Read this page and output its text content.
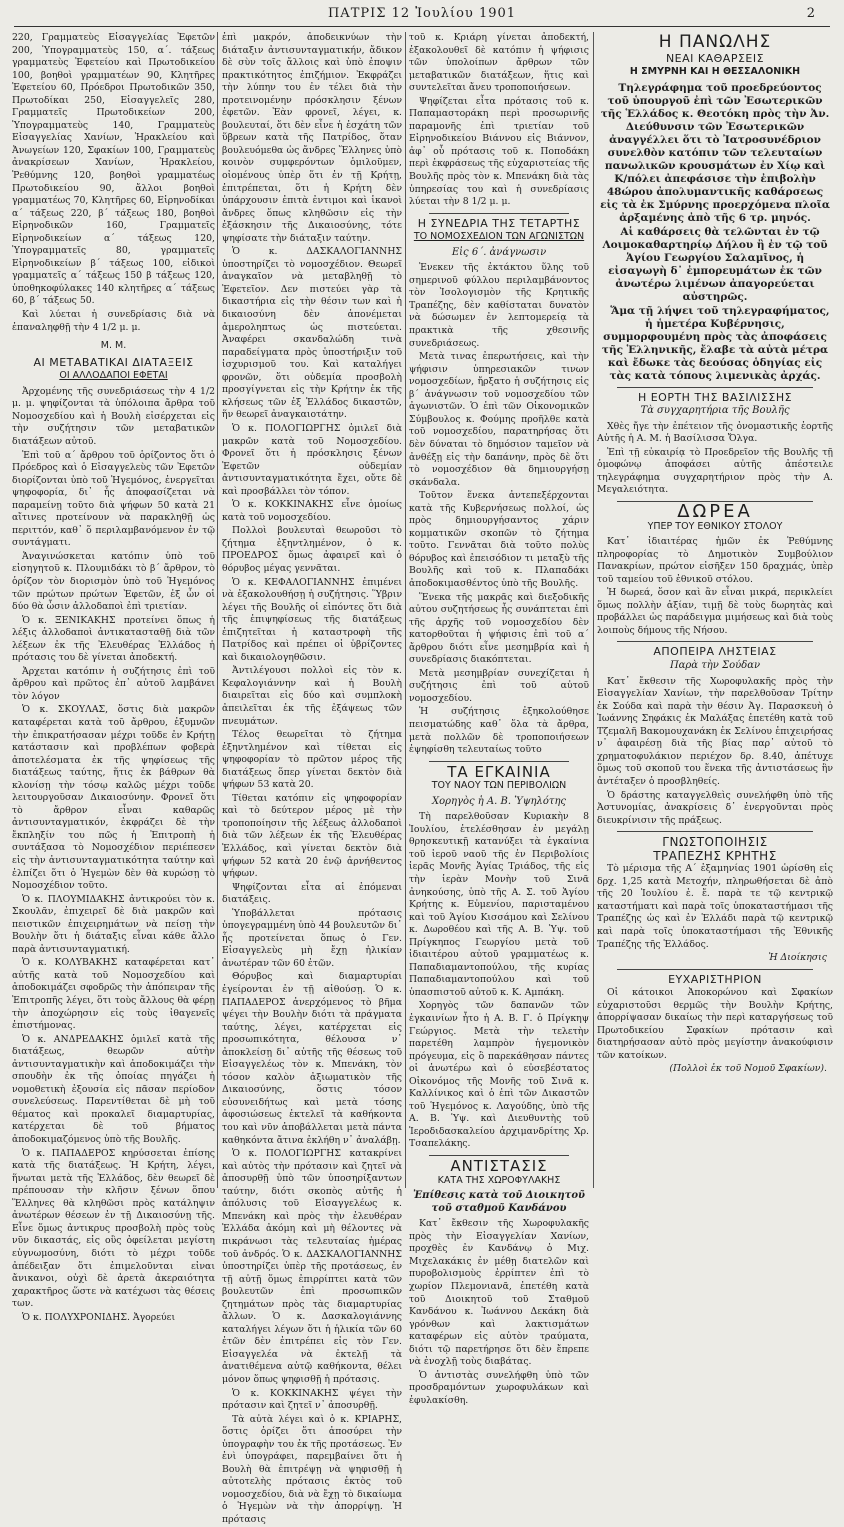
ΠΑΤΡΙΣ 12 Ἰουλίου 1901	2

220, Γραμματεὺς Εἰσαγγελίας Ἐφετῶν 200, Ὑπογραμματεὺς 150, α΄. τάξεως γραμματεὺς Ἐφετείου καὶ Πρωτοδικείου 100, βοηθοὶ γραμματέων 90, Κλητῆρες Ἐφετείου 60, Πρόεδροι Πρωτοδικῶν 350, Πρωτοδίκαι 250, Εἰσαγγελεῖς 280, Γραμματεῖς Πρωτοδικείων 200, Ὑπογραμματεὺς 140, Γραμματεὺς Εἰσαγγελίας Χανίων, Ἡρακλείου καὶ Ἀνωγείων 120, Σφακίων 100, Γραμματεὺς ἀνακρίσεων Χανίων, Ἡρακλείου, Ῥεθύμνης 120, βοηθοὶ γραμματέως Πρωτοδικείου 90, ἄλλοι βοηθοὶ γραμματέως 70, Κλητῆρες 60, Εἰρηνοδίκαι α΄ τάξεως 220, β΄ τάξεως 180, βοηθοὶ Εἰρηνοδικῶν 160, Γραμματεῖς Εἰρηνοδικείων α΄ τάξεως 120, Ὑπογραμματεῖς 80, γραμματεῖς Εἰρηνοδικείων β΄ τάξεως 100, εἰδικοὶ γραμματεῖς α΄ τάξεως 150 β τάξεως 120, ὑποθηκοφύλακες 140 κλητῆρες α΄ τάξεως 60, β΄ τάξεως 50.

Καὶ λύεται ἡ συνεδρίασις διὰ νὰ ἐπαναληφθῇ τὴν 4 1/2 μ. μ.

Μ. Μ.
ΑΙ ΜΕΤΑΒΑΤΙΚΑΙ ΔΙΑΤΑΞΕΙΣ
ΟΙ ΑΛΛΟΔΑΠΟΙ ΕΦΕΤΑΙ

Ἀρχομένης τῆς συνεδριάσεως τὴν 4 1/2 μ. μ. ψηφίζονται τὰ ὑπόλοιπα ἄρθρα τοῦ Νομοσχεδίου καὶ ἡ Βουλὴ εἰσέρχεται εἰς τὴν συζήτησιν τῶν μεταβατικῶν διατάξεων αὐτοῦ.

Ἐπὶ τοῦ α΄ ἄρθρου τοῦ ὁρίζοντος ὅτι ὁ Πρόεδρος καὶ ὁ Εἰσαγγελεὺς τῶν Ἐφετῶν διορίζονται ὑπὸ τοῦ Ἡγεμόνος, ἐνεργεῖται ψηφοφορία, δι᾽ ἧς ἀποφασίζεται νὰ παραμείνῃ τοῦτο διὰ ψήφων 50 κατὰ 21 αἴτινες προτείνουν νὰ παρακληθῇ ὡς περιττόν, καθ᾽ ὅ περιλαμβανόμενον ἐν τῷ συντάγματι.

Ἀναγινώσκεται κατόπιν ὑπὸ τοῦ εἰσηγητοῦ κ. Πλουμιδάκι τὸ β΄ ἄρθρον, τὸ ὁρίζον τὸν διορισμὸν ὑπὸ τοῦ Ἡγεμόνος τῶν πρώτων πρώτων Ἐφετῶν, ἐξ ὧν οἱ δύο θὰ ὦσιν ἀλλοδαποὶ ἐπὶ τριετίαν.

Ὁ κ. ΞΕΝΙΚΑΚΗΣ προτείνει ὅπως ἡ λέξις ἀλλοδαποὶ ἀντικατασταθῇ διὰ τῶν λέξεων ἐκ τῆς Ἐλευθέρας Ἑλλάδος ἡ πρότασις του δὲ γίνεται ἀποδεκτή.

Ἀρχεται κατόπιν ἡ συζήτησις ἐπὶ τοῦ ἄρθρου καὶ πρῶτος ἐπ᾽ αὐτοῦ λαμβάνει τὸν λόγον

Ὁ κ. ΣΚΟΥΛΑΣ, ὅστις διὰ μακρῶν καταφέρεται κατὰ τοῦ ἄρθρου, ἐξυμνῶν τὴν ἐπικρατήσασαν μέχρι τοῦδε ἐν Κρήτῃ κατάστασιν καὶ προβλέπων φοβερὰ ἀποτελέσματα ἐκ τῆς ψηφίσεως τῆς διατάξεως ταύτης, ἥτις ἐκ βάθρων θὰ κλονίσῃ τὴν τόσῳ καλῶς μέχρι τοῦδε λειτουργοῦσαν Δικαιοσύνην. Φρονεῖ ὅτι τὸ ἄρθρον εἶναι καθαρῶς ἀντισυνταγματικόν, ἐκφράζει δὲ τὴν ἔκπληξίν του πῶς ἡ Ἐπιτροπὴ ἡ συντάξασα τὸ Νομοσχέδιον περιέπεσεν εἰς τὴν ἀντισυνταγματικότητα ταύτην καὶ ἐλπίζει ὅτι ὁ Ἡγεμὼν δὲν θὰ κυρώσῃ τὸ Νομοσχέδιον τοῦτο.

Ὁ κ. ΠΛΟΥΜΙΔΑΚΗΣ ἀντικρούει τὸν κ. Σκουλᾶν, ἐπιχειρεῖ δὲ διὰ μακρῶν καὶ πειστικῶν ἐπιχειρημάτων νὰ πείσῃ τὴν Βουλὴν ὅτι ἡ διάταξις εἶναι κάθε ἄλλο παρὰ ἀντισυνταγματική.

Ὁ κ. ΚΟΛΥΒΑΚΗΣ καταφέρεται κατ᾽ αὐτῆς κατὰ τοῦ Νομοσχεδίου καὶ ἀποδοκιμάζει σφοδρῶς τὴν ἀπόπειραν τῆς Ἐπιτροπῆς λέγει, ὅτι τοὺς ἄλλους θὰ φέρῃ τὴν ἀποχώρησιν εἰς τοὺς ἰθαγενεῖς ἐπιστήμονας.

Ὁ κ. ΑΝΔΡΕΔΑΚΗΣ ὁμιλεῖ κατὰ τῆς διατάξεως, θεωρῶν αὐτὴν ἀντισυνταγματικὴν καὶ ἀποδοκιμάζει τὴν σπουδὴν ἐκ τῆς ὁποίας πηγάζει ἡ νομοθετικὴ ἐξουσία εἰς πᾶσαν περίοδον συνελεύσεως. Παρεντίθεται δὲ μὴ τοῦ θέματος καὶ προκαλεῖ διαμαρτυρίας, κατέρχεται δὲ τοῦ βήματος ἀποδοκιμαζόμενος ὑπὸ τῆς Βουλῆς.

Ὁ κ. ΠΑΠΑΔΕΡΟΣ κηρύσσεται ἐπίσης κατὰ τῆς διατάξεως. Ἡ Κρήτη, λέγει, ἥνωται μετὰ τῆς Ἑλλάδος, δὲν θεωρεῖ δὲ πρέπουσαν τὴν κλῆσιν ξένων ὅπου Ἕλληνες θὰ κληθῶσι πρὸς κατάληψιν ἀνωτέρων θέσεων ἐν τῇ Δικαιοσύνῃ τῆς. Εἶνε ὅμως ἀντικρυς προσβολὴ πρὸς τοὺς νῦν δικαστάς, εἰς οὓς ὀφείλεται μεγίστη εὐγνωμοσύνη, διότι τὸ μέχρι τοῦδε ἀπέδειξαν ὅτι ἐπιμελοῦνται εἰναι ἄνικανοι, οὐχὶ δὲ ἀρετὰ ἀκεραιότητα χαρακτῆρος ὥστε νὰ κατέχωσι τὰς θέσεις των.

Ὁ κ. ΠΟΛΥΧΡΟΝΙΔΗΣ. Ἀγορεύει

ἐπὶ μακρόν, ἀποδεικνύων τὴν διάταξιν ἀντισυνταγματικήν, ἄδικον δὲ σὺν τοῖς ἄλλοις καὶ ὑπὸ ἐποψιν πρακτικότητος ἐπιζήμιον. Ἐκφράζει τὴν λύπην του ἐν τέλει διὰ τὴν προτεινομένην πρόσκλησιν ξένων ἐφετῶν. Ἐὰν φρονεῖ, λέγει, κ. βουλευταί, ὅτι δὲν εἶνε ἡ ἐσχάτη τῶν ὕβρεων κατὰ τῆς Πατρίδος, ὅταν βουλευόμεθα ὡς ἄνδρες Ἕλληνες ὑπὸ κοινὸν συμφερόντων ὁμιλοῦμεν, οἰομένους ὑπὲρ ὅτι ἐν τῇ Κρήτῃ, ἐπιτρέπεται, ὅτι ἡ Κρήτη δὲν ὑπάρχουσιν ἐπιτὰ ἐντιμοι καὶ ἱκανοὶ ἄνδρες ὅπως κληθῶσιν εἰς τὴν ἐξάσκησιν τῆς Δικαιοσύνης, τότε ψηφίσατε τὴν διάταξιν ταύτην.

Ὁ κ. ΔΑΣΚΑΛΟΓΙΑΝΝΗΣ ὑποστηρίζει τὸ νομοσχέδιον. Θεωρεῖ ἀναγκαῖον νὰ μεταβληθῇ τὸ Ἐφετεῖον. Δεν πιστεύει γὰρ τὰ δικαστήρια εἰς τὴν θέσιν των καὶ ἡ δικαιοσύνη δὲν ἀπονέμεται ἀμεροληπτως ὡς πιστεύεται. Ἀναφέρει σκανδαλώδη τινὰ παραδείγματα πρὸς ὑποστήριξιν τοῦ ἰσχυρισμοῦ του. Καὶ καταλήγει φρονῶν, ὅτι οὐδεμία προσβολὴ προσγίγνεται εἰς τὴν Κρήτην ἐκ τῆς κλήσεως τῶν ἐξ Ἑλλάδος δικαστῶν, ἥν θεωρεῖ ἀναγκαιοτάτην.

Ὁ κ. ΠΟΛΟΓΙΩΡΓΗΣ ὁμιλεῖ διὰ μακρῶν κατὰ τοῦ Νομοσχεδίου. Φρονεῖ ὅτι ἡ πρόσκλησις ξένων Ἐφετῶν οὐδεμίαν ἀντισυνταγματικότητα ἔχει, οὔτε δὲ καὶ προσβάλλει τὸν τόπον.

Ὁ κ. ΚΟΚΚΙΝΑΚΗΣ εἶνε ὁμοίως κατὰ τοῦ νομοσχεδίου.

Πολλοὶ βουλευταὶ θεωροῦσι τὸ ζήτημα ἐξηντλημένον, ὁ κ. ΠΡΟΕΔΡΟΣ ὅμως ἀφαιρεῖ καὶ ὁ θόρυβος μέγας γεννᾶται.

Ὁ κ. ΚΕΦΑΛΟΓΙΑΝΝΗΣ ἐπιμένει νὰ ἐξακολουθήσῃ ἡ συζήτησις. Ὕβριν λέγει τῆς Βουλῆς οἱ εἰπόντες ὅτι διὰ τῆς ἐπιψηφίσεως τῆς διατάξεως ἐπιζητεῖται ἡ καταστροφὴ τῆς Πατρίδος καὶ πρέπει οἱ ὑβρίζοντες καὶ δικαιολογηθῶσιν.

Ἀντιλέγουσι πολλοὶ εἰς τὸν κ. Κεφαλογιάννην καὶ ἡ Βουλὴ διαιρεῖται εἰς δύο καὶ συμπλοκὴ ἀπειλεῖται ἐκ τῆς ἐξάψεως τῶν πνευμάτων.

Τέλος θεωρεῖται τὸ ζήτημα ἐξηντλημένον καὶ τίθεται εἰς ψηφοφορίαν τὸ πρῶτον μέρος τῆς διατάξεως ὅπερ γίνεται δεκτὸν διὰ ψήφων 53 κατὰ 20.

Τίθεται κατόπιν εἰς ψηφοφορίαν καὶ τὸ δεύτερον μέρος μὲ τὴν τροποποίησιν τῆς λέξεως ἀλλοδαποὶ διὰ τῶν λέξεων ἐκ τῆς Ἐλευθέρας Ἑλλάδος, καὶ γίνεται δεκτὸν διὰ ψήφων 52 κατὰ 20 ἐνῷ ἀρνήθεντος ψήφων.

Ψηφίζονται εἶτα αἱ ἑπόμεναι διατάξεις.

Ὑποβάλλεται πρότασις ὑπογεγραμμένη ὑπὸ 44 βουλευτῶν δι᾽ ἧς προτείνεται ὅπως ὁ Γεν. Εἰσαγγελεὺς μὴ ἔχῃ ἡλικίαν ἀνωτέραν τῶν 60 ἐτῶν.

Θόρυβος καὶ διαμαρτυρίαι ἐγείρονται ἐν τῇ αἰθούσῃ. Ὁ κ. ΠΑΠΑΔΕΡΟΣ ἀνερχόμενος τὸ βῆμα ψέγει τὴν Βουλὴν διότι τὰ πράγματα ταύτης, λέγει, κατέρχεται εἰς προσωπικότητα, θέλουσα ν᾽ ἀποκλείσῃ δι᾽ αὐτῆς τῆς θέσεως τοῦ Εἰσαγγελέως τὸν κ. Μπενάκη, τὸν τόσον καλὸν ἀξιωματικὸν τῆς Δικαιοσύνης, ὅστις τόσον εὐσυνειδήτως καὶ μετὰ τόσης ἀφοσιώσεως ἐκτελεῖ τὰ καθήκοντα του καὶ νῦν ἀποβάλλεται μετὰ πάντα καθηκόντα ἄτινα ἐκλήθη ν᾽ ἀναλάβῃ.

Ὁ κ. ΠΟΛΟΓΙΩΡΓΗΣ κατακρίνει καὶ αὐτὸς τὴν πρότασιν καὶ ζητεῖ νὰ ἀποσυρθῇ ὑπὸ τῶν ὑποσηρίξαντων ταύτην, διότι σκοπὸς αὐτῆς ἡ ἀπόλυσις τοῦ Εἰσαγγελέως κ. Μπενάκη καὶ πρὸς τὴν ἐλευθέραν Ἑλλάδα ἀκόμη καὶ μὴ θέλοντες νὰ πικράνωσι τὰς τελευταίας ἡμέρας τοῦ ἀνδρός. Ὁ κ. ΔΑΣΚΑΛΟΓΙΑΝΝΗΣ ὑποστηρίζει ὑπὲρ τῆς προτάσεως, ἐν τῇ αὐτῇ ὅμως ἐπιρρίπτει κατὰ τῶν βουλευτῶν ἐπὶ προσωπικῶν ζητημάτων πρὸς τὰς διαμαρτυρίας ἄλλων. Ὁ κ. Δασκαλογιάννης καταλήγει λέγων ὅτι ἡ ἡλικία τῶν 60 ἐτῶν δὲν ἐπιτρέπει εἰς τὸν Γεν. Εἰσαγγελέα νὰ ἐκτελῇ τὰ ἀνατιθέμενα αὐτῷ καθήκοντα, θέλει μόνον ὅπως ψηφισθῇ ἡ πρότασις.

Ὁ κ. ΚΟΚΚΙΝΑΚΗΣ ψέγει τὴν πρότασιν καὶ ζητεῖ ν᾽ ἀποσυρθῇ.

Τὰ αὐτὰ λέγει καὶ ὁ κ. ΚΡΙΑΡΗΣ, ὅστις ὁρίζει ὅτι ἀποσύρει τὴν ὑπογραφὴν του ἐκ τῆς προτάσεως. Ἐν ἑνὶ ὑπογράφει, παρεμβαίνει ὅτι ἡ Βουλὴ θὰ ἐπιτρέψῃ νὰ ψηφισθῇ ἡ αὐτοτελὴς πρότασις ἐκτὸς τοῦ νομοσχεδίου, διὰ νὰ ἔχῃ τὸ δικαίωμα ὁ Ἡγεμὼν νὰ τὴν ἀπορρίψῃ. Ἡ πρότασις

τοῦ κ. Κριάρη γίνεται ἀποδεκτή, ἐξακολουθεῖ δὲ κατόπιν ἡ ψήφισις τῶν ὑπολοίπων ἄρθρων τῶν μεταβατικῶν διατάξεων, ἥτις καὶ συντελεῖται ἄνευ τροποποιήσεων.

Ψηφίζεται εἶτα πρότασις τοῦ κ. Παπαμαστοράκη περὶ προσωρινῆς παραμονῆς ἐπὶ τριετίαν τοῦ Εἰρηνοδικείου Βιάννου εἰς Βιάννον, ἀφ᾽ οὗ πρότασις τοῦ κ. Ποποδάκη περὶ ἐκφράσεως τῆς εὐχαριστείας τῆς Βουλῆς πρὸς τὸν κ. Μπενάκη διὰ τὰς ὑπηρεσίας του καὶ ἡ συνεδρίασις λύεται τὴν 8 1/2 μ. μ.

Η ΣΥΝΕΔΡΙΑ ΤΗΣ ΤΕΤΑΡΤΗΣ
ΤΟ ΝΟΜΟΣΧΕΔΙΟΝ ΤΩΝ ΑΓΩΝΙΣΤΩΝ
Εἰς 6΄. ἀνάγνωσιν

Ἐνεκεν τῆς ἐκτάκτου ὕλης τοῦ σημερινοῦ φύλλου περιλαμβάνοντος τὸν Ἰσολογισμὸν τῆς Κρητικῆς Τραπέζης, δὲν καθίσταται δυνατὸν νὰ δώσωμεν ἐν λεπτομερείᾳ τὰ πρακτικὰ τῆς χθεσινῆς συνεδριάσεως.

Μετὰ τινας ἐπερωτήσεις, καὶ τὴν ψήφισιν ὑπηρεσιακῶν τινων νομοσχεδίων, ἤρξατο ἡ συζήτησις εἰς β΄ ἀνάγνωσιν τοῦ νομοσχεδίου τῶν ἀγωνιστῶν. Ὁ ἐπὶ τῶν Οἰκονομικῶν Σύμβουλος κ. Φούμης προῆλθε κατὰ τοῦ νομοσχεδίου, παρατηρήσας ὅτι δὲν δύναται τὸ δημόσιον ταμεῖον νὰ ἀνθέξῃ εἰς τὴν δαπάνην, πρὸς δὲ ὅτι τὸ νομοσχέδιον θὰ δημιουργήσῃ σκάνδαλα.

Τοῦτον ἕνεκα ἀντεπεξέρχονται κατὰ τῆς Κυβερνήσεως πολλοί, ὡς πρὸς δημιουργήσαντος χάριν κομματικῶν σκοπῶν τὸ ζήτημα τοῦτο. Γεννᾶται διὰ τοῦτο πολὺς θόρυβος καὶ ἐπεισόδιον τι μεταξὺ τῆς Βουλῆς καὶ τοῦ κ. Πλαπαδάκι ἀποδοκιμασθέντος ὑπὸ τῆς Βουλῆς.

Ἕνεκα τῆς μακρᾶς καὶ διεξοδικῆς αὐτου συζητήσεως ἧς συνάπτεται ἐπὶ τῆς ἀρχῆς τοῦ νομοσχεδίου δὲν κατορθοῦται ἡ ψήφισις ἐπὶ τοῦ α΄ ἄρθρου διότι εἶνε μεσημβρία καὶ ἡ συνεδρίασις διακόπτεται.

Μετὰ μεσημβρίαν συνεχίζεται ἡ συζήτησις ἐπὶ τοῦ αὐτοῦ νομοσχεδίου.

Ἡ συζήτησις ἐξηκολούθησε πεισματώδης καθ᾽ ὅλα τὰ ἄρθρα, μετὰ πολλῶν δὲ τροποποιήσεων ἐψηφίσθη τελευταίως τοῦτο

ΤΑ ΕΓΚΑΙΝΙΑ
ΤΟΥ ΝΑΟΥ ΤΩΝ ΠΕΡΙΒΟΛΙΩΝ
Χορηγὸς ἡ Α. Β. Ὑψηλότης

Τὴ παρελθοῦσαν Κυριακὴν 8 Ἰουλίου, ἐτελέσθησαν ἐν μεγάλῃ θρησκευτικῇ κατανύξει τὰ ἐγκαίνια τοῦ ἱεροῦ ναοῦ τῆς ἐν Περιβολίοις ἱερᾶς Μονῆς Ἁγίας Τριάδος, τῆς εἰς τὴν ἱερὰν Μονὴν τοῦ Σινᾶ ἀνηκούσης, ὑπὸ τῆς Α. Σ. τοῦ Ἁγίου Κρήτης κ. Εὐμενίου, παρισταμένου καὶ τοῦ Ἁγίου Κισσάμου καὶ Σελίνου κ. Δωροθέου καὶ τῆς Α. Β. Ὑψ. τοῦ Πρίγκηπος Γεωργίου μετὰ τοῦ ἰδιαιτέρου αὐτοῦ γραμματέως κ. Παπαδιαμαντοπούλου, τῆς κυρίας Παπαδιαμαντοπούλου καὶ τοῦ ὑπασπιστοῦ αὐτοῦ κ. Κ. Αμπάκη.

Χορηγὸς τῶν δαπανῶν τῶν ἐγκαινίων ἦτο ἡ Α. Β. Γ. ὁ Πρίγκηψ Γεώργιος. Μετὰ τὴν τελετὴν παρετέθη λαμπρὸν ἡγεμονικὸν πρόγευμα, εἰς ὃ παρεκάθησαν πάντες οἱ ἀνωτέρω καὶ ὁ εὐσεβέστατος Οἰκονόμος τῆς Μονῆς τοῦ Σινᾶ κ. Καλλίνικος καὶ ὁ ἐπὶ τῶν Δικαστῶν τοῦ Ἡγεμόνος κ. Λαγούδης, ὑπὸ τῆς Α. Β. Ὑψ. καὶ Διευθυντὴς τοῦ Ἱεροδιδασκαλείου ἀρχιμανδρίτης Χρ. Τσαπελάκης.

ΑΝΤΙΣΤΑΣΙΣ
ΚΑΤΑ ΤΗΣ ΧΩΡΟΦΥΛΑΚΗΣ
Ἐπίθεσις κατὰ τοῦ Διοικητοῦ τοῦ σταθμοῦ Κανδάνου

Κατ᾽ ἔκθεσιν τῆς Χωροφυλακῆς πρὸς τὴν Εἰσαγγελίαν Χανίων, προχθὲς ἐν Κανδάνῳ ὁ Μιχ. Μιχελακάκις ἐν μέθῃ διατελῶν καὶ πυροβολισμοὺς ἐρρίπτεν ἐπὶ τὸ χωρίον Πλεμονιανᾶ, ἐπετέθη κατὰ τοῦ Διοικητοῦ τοῦ Σταθμοῦ Κανδάνου κ. Ἰωάννου Δεκάκη διὰ γρόνθων καὶ λακτισμάτων καταφέρων εἰς αὐτὸν τραύματα, διότι τῷ παρετήρησε ὅτι δὲν ἔπρεπε νὰ ἐνοχλῇ τοὺς διαβάτας.

Ὁ ἀντιστὰς συνελήφθη ὑπὸ τῶν προσδραμόντων χωροφυλάκων καὶ ἐφυλακίσθη.

Η ΠΑΝΩΛΗΣ
ΝΕΑΙ ΚΑΘΑΡΣΕΙΣ
Η ΣΜΥΡΝΗ ΚΑΙ Η ΘΕΣΣΑΛΟΝΙΚΗ

Τηλεγράφημα τοῦ προεδρεύοντος τοῦ ὑπουργοῦ ἐπὶ τῶν Ἐσωτερικῶν τῆς Ἑλλάδος κ. Θεοτόκη πρὸς τὴν Ἀν. Διεύθυνσιν τῶν Ἐσωτερικῶν ἀναγγέλλει ὅτι τὸ Ἰατροσυνέδριον συνελθὸν κατόπιν τῶν τελευταίων πανωλικῶν κρουσμάτων ἐν Χίῳ καὶ Κ/πόλει ἀπεφάσισε τὴν ἐπιβολὴν 48ώρου ἀπολυμαντικῆς καθάρσεως εἰς τὰ ἐκ Σμύρνης προερχόμενα πλοῖα ἀρξαμένης ἀπὸ τῆς 6 τρ. μηνός.

Αἱ καθάρσεις θὰ τελῶνται ἐν τῷ Λοιμοκαθαρτηρίῳ Δήλου ἢ ἐν τῷ τοῦ Ἁγίου Γεωργίου Σαλαμῖνος, ἡ εἰσαγωγὴ δ᾽ ἐμπορευμάτων ἐκ τῶν ἀνωτέρω λιμένων ἀπαγορεύεται αὐστηρῶς.

Ἅμα τῇ λήψει τοῦ τηλεγραφήματος, ἡ ἡμετέρα Κυβέρνησις, συμμορφουμένη πρὸς τὰς ἀποφάσεις τῆς Ἑλληνικῆς, ἔλαβε τὰ αὐτὰ μέτρα καὶ ἔδωκε τὰς δεούσας ὁδηγίας εἰς τὰς κατὰ τόπους λιμενικὰς ἀρχάς.

Η ΕΟΡΤΗ ΤΗΣ ΒΑΣΙΛΙΣΣΗΣ
Τὰ συγχαρητήρια τῆς Βουλῆς

Χθὲς ἤγε τὴν ἐπέτειον τῆς ὀνομαστικῆς ἑορτῆς Αὐτῆς ἡ Α. Μ. ἡ Βασίλισσα Ὄλγα.

Ἐπὶ τῇ εὐκαιρίᾳ τὸ Προεδρεῖον τῆς Βουλῆς τῇ ὁμοφώνῳ ἀποφάσει αὐτῆς ἀπέστειλε τηλεγράφημα συγχαρητήριον πρὸς τὴν Α. Μεγαλειότητα.

ΔΩΡΕΑ
ΥΠΕΡ ΤΟΥ ΕΘΝΙΚΟΥ ΣΤΟΛΟΥ

Κατ᾽ ἰδιαιτέρας ἡμῶν ἐκ Ῥεθύμνης πληροφορίας τὸ Δημοτικὸν Συμβούλιον Πανακρίων, πρώτον εἰσῆξεν 150 δραχμάς, ὑπὲρ τοῦ ταμείου τοῦ ἐθνικοῦ στόλου.

Ἡ δωρεά, ὅσον καὶ ἂν εἶναι μικρά, περικλείει ὅμως πολλὴν ἀξίαν, τιμῇ δὲ τοὺς δωρητὰς καὶ προβάλλει ὡς παράδειγμα μιμήσεως καὶ διὰ τοὺς λοιποὺς δήμους τῆς Νήσου.

ΑΠΟΠΕΙΡΑ ΛΗΣΤΕΙΑΣ
Παρὰ τὴν Σούδαν

Κατ᾽ ἔκθεσιν τῆς Χωροφυλακῆς πρὸς τὴν Εἰσαγγελίαν Χανίων, τὴν παρελθοῦσαν Τρίτην ἐκ Σούδα καὶ παρὰ τὴν θέσιν Ἀγ. Παρασκευὴ ὁ Ἰωάννης Σηφάκις ἐκ Μαλάξας ἐπετέθη κατὰ τοῦ Τζεμαλῆ Βακομουχανάκη ἐκ Σελίνου ἐπιχειρήσας ν᾽ ἀφαιρέσῃ διὰ τῆς βίας παρ᾽ αὐτοῦ τὸ χρηματοφυλάκιον περιέχον δρ. 8.40, ἀπέτυχε ὅμως τοῦ σκοποῦ του ἕνεκα τῆς ἀντιστάσεως ἣν ἀντέταξεν ὁ προσβληθείς.

Ὁ δράστης καταγγελθεὶς συνελήφθη ὑπὸ τῆς Ἀστυνομίας, ἀνακρίσεις δ᾽ ἐνεργοῦνται πρὸς διευκρίνισιν τῆς πράξεως.

ΓΝΩΣΤΟΠΟΙΗΣΙΣ
ΤΡΑΠΕΖΗΣ ΚΡΗΤΗΣ

Τὸ μέρισμα τῆς Α΄ ἑξαμηνίας 1901 ὡρίσθη εἰς δρχ. 1,25 κατὰ Μετοχήν, πληρωθήσεται δὲ ἀπὸ τῆς 20 Ἰουλίου ἐ. ἔ. παρὰ τε τῷ κεντρικῷ καταστήματι καὶ παρὰ τοῖς ὑποκαταστήμασι τῆς Τραπέζης ὡς καὶ ἐν Ἑλλάδι παρὰ τῷ κεντρικῷ καὶ παρὰ τοῖς ὑποκαταστήμασι τῆς Ἐθνικῆς Τραπέζης τῆς Ἑλλάδος.

Ἡ Διοίκησις
ΕΥΧΑΡΙΣΤΗΡΙΟΝ

Οἱ κάτοικοι Ἀποκορώνου καὶ Σφακίων εὐχαριστοῦσι θερμῶς τὴν Βουλὴν Κρήτης, ἀπορρίψασαν δικαίως τὴν περὶ καταργήσεως τοῦ Πρωτοδικείου Σφακίων πρότασιν καὶ διατηρήσασαν αὐτὸ πρὸς μεγίστην ἀνακούφισιν τῶν κατοίκων.

(Πολλοὶ ἐκ τοῦ Νομοῦ Σφακίων).
